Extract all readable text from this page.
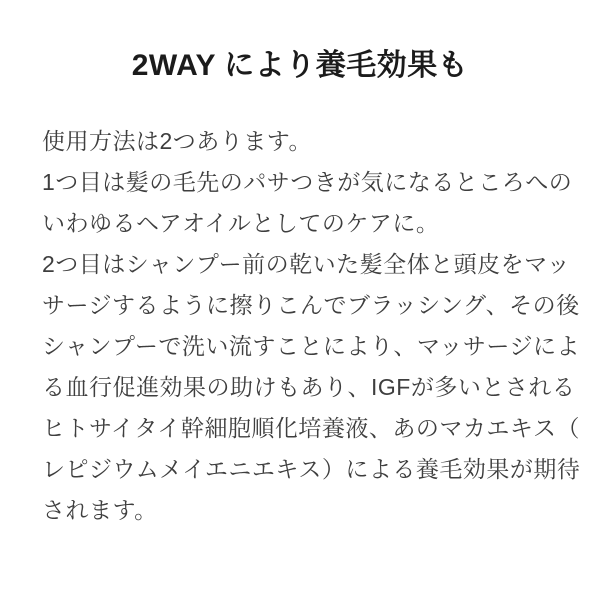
2WAY により養毛効果も
使用方法は2つあります。
1つ目は髪の毛先のパサつきが気になるところへの
いわゆるヘアオイルとしてのケアに。
2つ目はシャンプー前の乾いた髪全体と頭皮をマッ
サージするように擦りこんでブラッシング、その後
シャンプーで洗い流すことにより、マッサージによ
る血行促進効果の助けもあり、IGFが多いとされる
ヒトサイタイ幹細胞順化培養液、あのマカエキス（
レピジウムメイエニエキス）による養毛効果が期待
されます。
